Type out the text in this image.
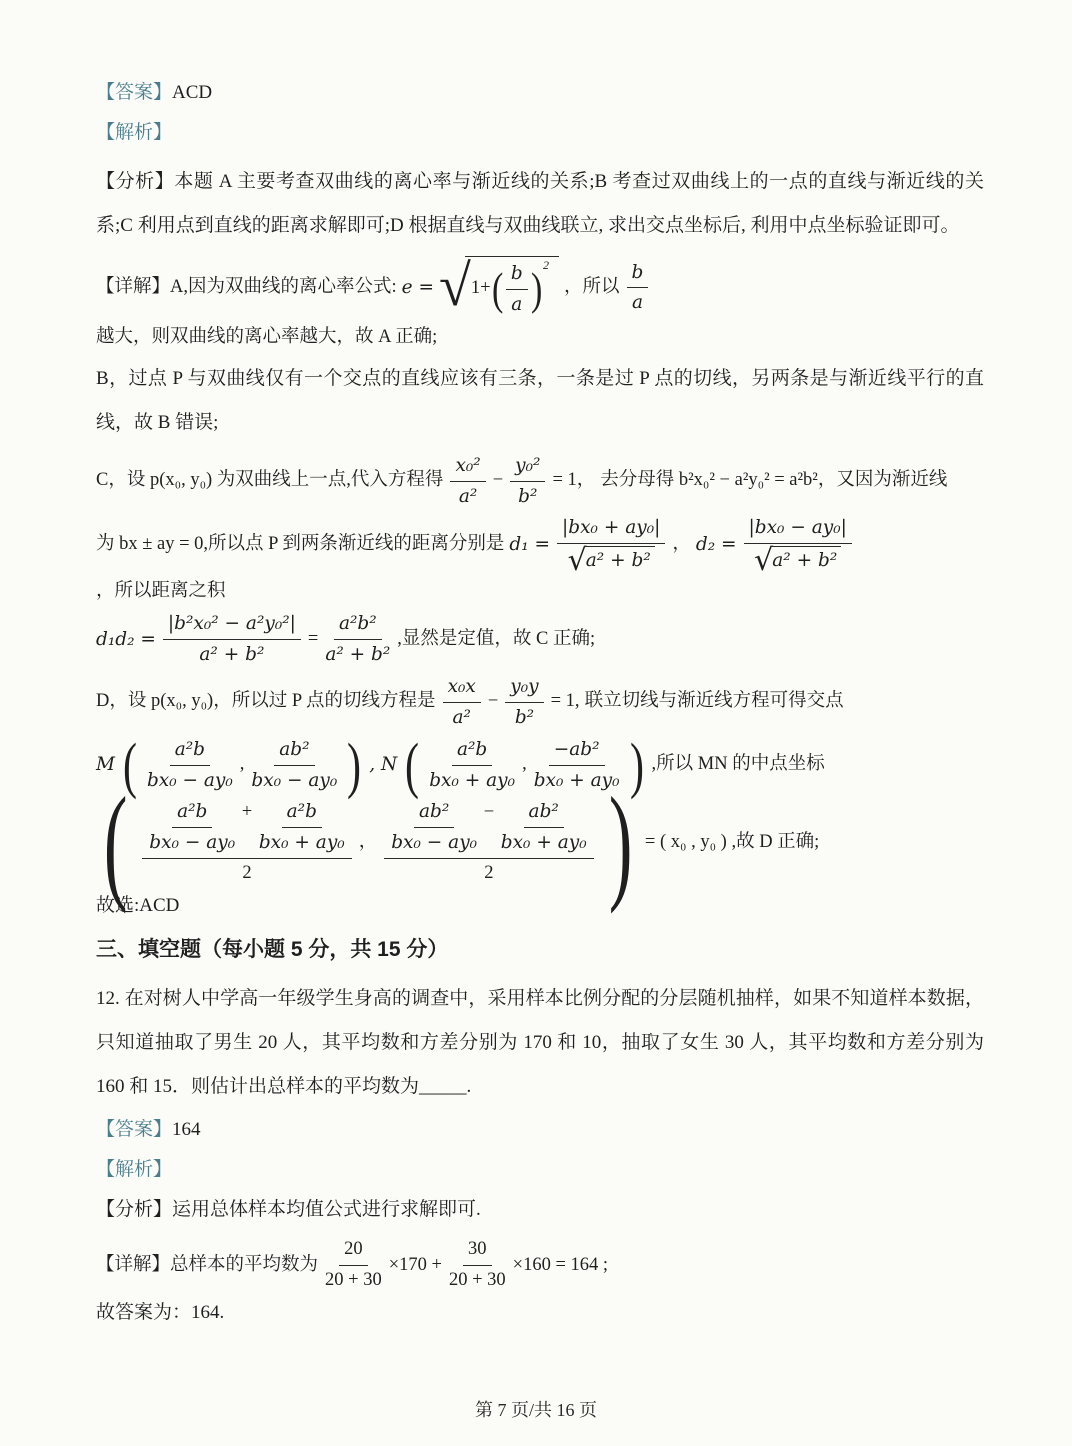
【答案】ACD

【解析】

【分析】本题 A 主要考查双曲线的离心率与渐近线的关系;B 考查过双曲线上的一点的直线与渐近线的关系;C 利用点到直线的距离求解即可;D 根据直线与双曲线联立, 求出交点坐标后, 利用中点坐标验证即可。

【详解】A,因为双曲线的离心率公式: e = √ 1+ ( $\frac{b}{a} )^2$
，所以 $\frac{b}{a}$
越大，则双曲线的离心率越大，故 A 正确;

B，过点 P 与双曲线仅有一个交点的直线应该有三条，一条是过 P 点的切线，另两条是与渐近线平行的直线，故 B 错误;

C，设 p(x₀, y₀) 为双曲线上一点,代入方程得 $\frac{\text{x₀²}}{\text{a²}} - \frac{\text{y₀²}}{\text{b²}} = 1$， 去分母得 b²x₀² − a²y₀² = a²b²，又因为渐近线
为 bx ± ay = 0,所以点 P 到两条渐近线的距离分别是 $d_1 = \frac{\text{|bx₀ + ay₀|}}{\text{√ a² + b²}}$ ， $d_2 = \frac{\text{|bx₀ − ay₀|}}{\text{√ a² + b²}}$
，所以距离之积
$d_1d_2 = \frac{\text{|b²x₀² − a²y₀²|}}{\text{a² + b²}} = \frac{\text{a²b²}}{\text{a² + b²}}$ ,显然是定值，故 C 正确;
D，设 p(x₀, y₀)，所以过 P 点的切线方程是 $\frac{\text{x₀x}}{\text{a²}} - \frac{\text{y₀y}}{\text{b²}} = 1$, 联立切线与渐近线方程可得交点
M ( $\frac{\text{a²b}}{\text{bx₀ − ay₀}}$ , $\frac{\text{ab²}}{\text{bx₀ − ay₀}}$ ) , N ( $\frac{\text{a²b}}{\text{bx₀ + ay₀}}$ , $\frac{\text{−ab²}}{\text{bx₀ + ay₀}}$ ) ,所以 MN 的中点坐标
( $\frac{\text{a²b}}{\text{bx₀ − ay₀}} + \frac{\text{a²b}}{\text{bx₀ + ay₀}}$
2
， $\frac{\text{ab²}}{\text{bx₀ − ay₀}} - \frac{\text{ab²}}{\text{bx₀ + ay₀}}$
2 ) = ( x₀ , y₀ ) ,故 D 正确;

故选:ACD

三、填空题（每小题 5 分，共 15 分）

12. 在对树人中学高一年级学生身高的调查中，采用样本比例分配的分层随机抽样，如果不知道样本数据，只知道抽取了男生 20 人，其平均数和方差分别为 170 和 10，抽取了女生 30 人，其平均数和方差分别为 160 和 15．则估计出总样本的平均数为_____.

【答案】164

【解析】

【分析】运用总体样本均值公式进行求解即可.

【详解】总样本的平均数为 $\frac{20}{20 + 30} \times 170 + \frac{30}{20 + 30} \times 160 = 164$ ;

故答案为：164.

第 7 页/共 16 页
